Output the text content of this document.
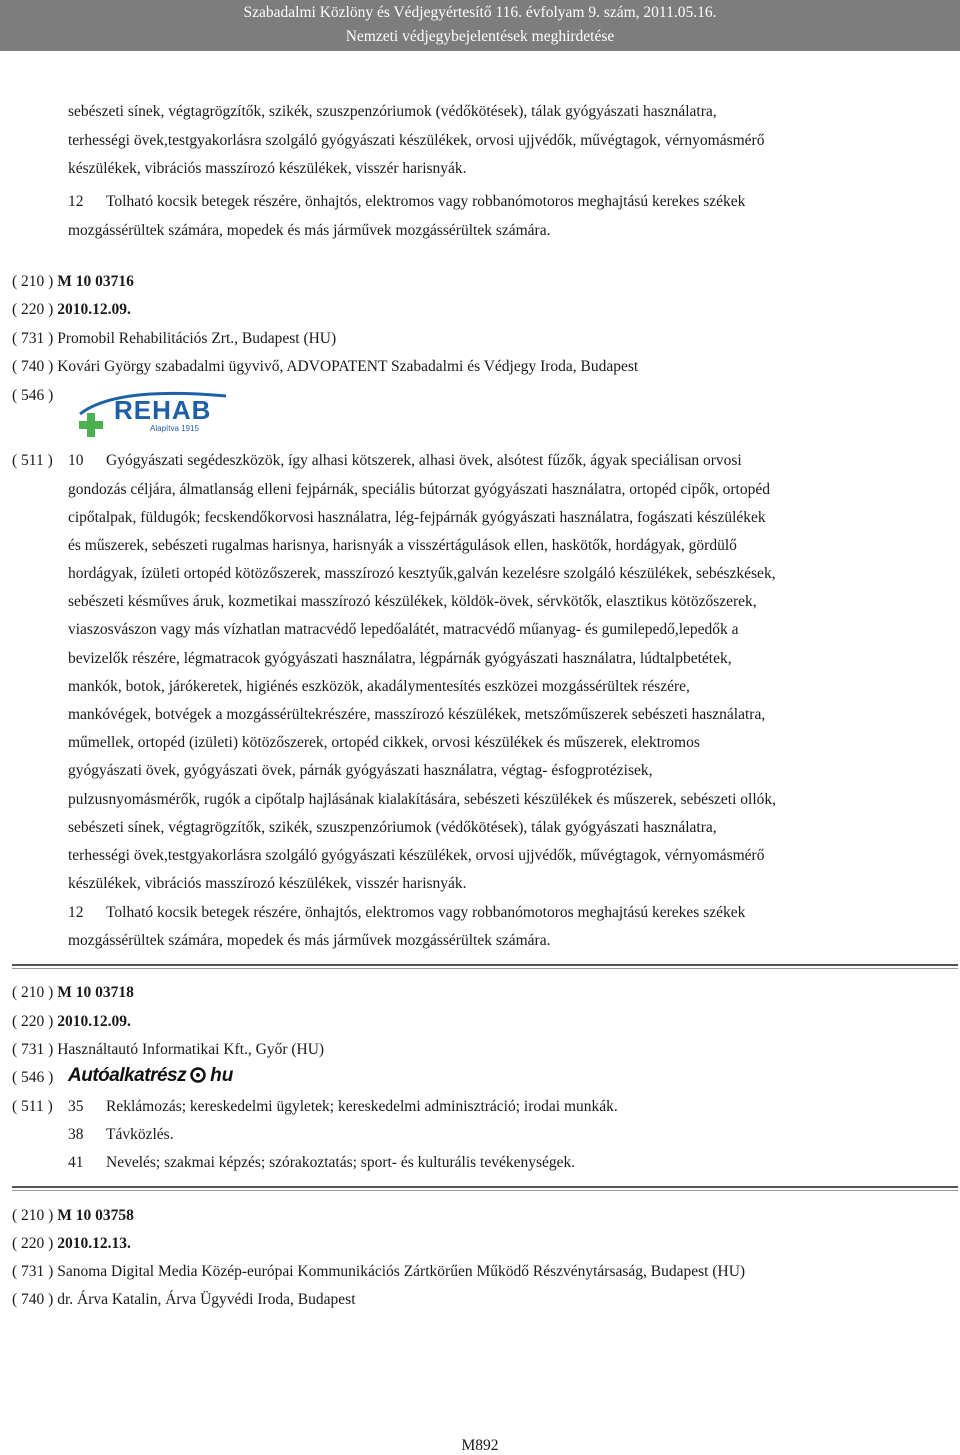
Szabadalmi Közlöny és Védjegyértesítő 116. évfolyam 9. szám, 2011.05.16.
Nemzeti védjegybejelentések meghirdetése
sebészeti sínek, végtagrögzítők, szikék, szuszpenzóriumok (védőkötések), tálak gyógyászati használatra,
terhességi övek,testgyakorlásra szolgáló gyógyászati készülékek, orvosi ujjvédők, művégtagok, vérnyomásmérő
készülékek, vibrációs masszírozó készülékek, visszér harisnyák.
12 Tolható kocsik betegek részére, önhajtós, elektromos vagy robbanómotoros meghajtású kerekes székek
mozgássérültek számára, mopedek és más járművek mozgássérültek számára.
( 210 ) M 10 03716
( 220 ) 2010.12.09.
( 731 ) Promobil Rehabilitációs Zrt., Budapest (HU)
( 740 ) Kovári György szabadalmi ügyvivő, ADVOPATENT Szabadalmi és Védjegy Iroda, Budapest
( 546 ) REHAB
Alapítva 1915
( 511 ) 10 Gyógyászati segédeszközök, így alhasi kötszerek, alhasi övek, alsótest fűzők, ágyak speciálisan orvosi
gondozás céljára, álmatlanság elleni fejpárnák, speciális bútorzat gyógyászati használatra, ortopéd cipők, ortopéd
cipőtalpak, füldugók; fecskendőkorvosi használatra, lég-fejpárnák gyógyászati használatra, fogászati készülékek
és műszerek, sebészeti rugalmas harisnya, harisnyák a visszértágulások ellen, haskötők, hordágyak, gördülő
hordágyak, ízületi ortopéd kötözőszerek, masszírozó kesztyűk,galván kezelésre szolgáló készülékek, sebészkések,
sebészeti késműves áruk, kozmetikai masszírozó készülékek, köldök-övek, sérvkötők, elasztikus kötözőszerek,
viaszosvászon vagy más vízhatlan matracvédő lepedőalátét, matracvédő műanyag- és gumilepedő,lepedők a
bevizelők részére, légmatracok gyógyászati használatra, légpárnák gyógyászati használatra, lúdtalpbetétek,
mankók, botok, járókeretek, higiénés eszközök, akadálymentesítés eszközei mozgássérültek részére,
mankóvégek, botvégek a mozgássérültekrészére, masszírozó készülékek, metszőműszerek sebészeti használatra,
műmellek, ortopéd (izületi) kötözőszerek, ortopéd cikkek, orvosi készülékek és műszerek, elektromos
gyógyászati övek, gyógyászati övek, párnák gyógyászati használatra, végtag- ésfogprotézisek,
pulzusnyomásmérők, rugók a cipőtalp hajlásának kialakítására, sebészeti készülékek és műszerek, sebészeti ollók,
sebészeti sínek, végtagrögzítők, szikék, szuszpenzóriumok (védőkötések), tálak gyógyászati használatra,
terhességi övek,testgyakorlásra szolgáló gyógyászati készülékek, orvosi ujjvédők, művégtagok, vérnyomásmérő
készülékek, vibrációs masszírozó készülékek, visszér harisnyák.
12 Tolható kocsik betegek részére, önhajtós, elektromos vagy robbanómotoros meghajtású kerekes székek
mozgássérültek számára, mopedek és más járművek mozgássérültek számára.
( 210 ) M 10 03718
( 220 ) 2010.12.09.
( 731 ) Használtautó Informatikai Kft., Győr (HU)
( 546 ) Autóalkatrész hu
( 511 ) 35 Reklámozás; kereskedelmi ügyletek; kereskedelmi adminisztráció; irodai munkák.
38 Távközlés.
41 Nevelés; szakmai képzés; szórakoztatás; sport- és kulturális tevékenységek.
( 210 ) M 10 03758
( 220 ) 2010.12.13.
( 731 ) Sanoma Digital Media Közép-európai Kommunikációs Zártkörűen Működő Részvénytársaság, Budapest (HU)
( 740 ) dr. Árva Katalin, Árva Ügyvédi Iroda, Budapest
M892
